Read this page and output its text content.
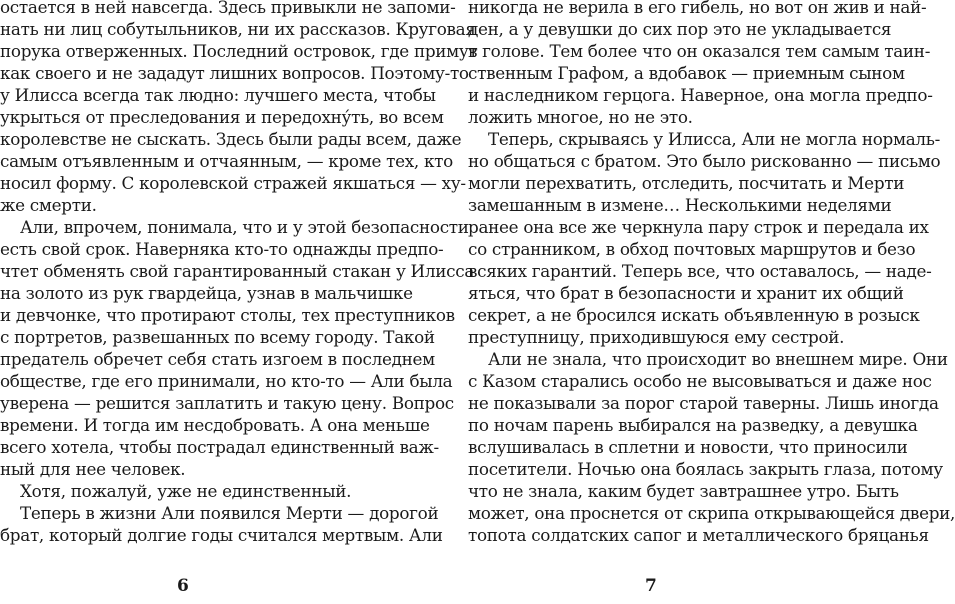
остается в ней навсегда. Здесь привыкли не запоми-
нать ни лиц собутыльников, ни их рассказов. Круговая
порука отверженных. Последний островок, где примут
как своего и не зададут лишних вопросов. Поэтому-то
у Илисса всегда так людно: лучшего места, чтобы
укрыться от преследования и передохну́ть, во всем
королевстве не сыскать. Здесь были рады всем, даже
самым отъявленным и отчаянным, — кроме тех, кто
носил форму. С королевской стражей якшаться — ху-
же смерти.
Али, впрочем, понимала, что и у этой безопасности
есть свой срок. Наверняка кто-то однажды предпо-
чтет обменять свой гарантированный стакан у Илисса
на золото из рук гвардейца, узнав в мальчишке
и девчонке, что протирают столы, тех преступников
с портретов, развешанных по всему городу. Такой
предатель обречет себя стать изгоем в последнем
обществе, где его принимали, но кто-то — Али была
уверена — решится заплатить и такую цену. Вопрос
времени. И тогда им несдобровать. А она меньше
всего хотела, чтобы пострадал единственный важ-
ный для нее человек.
Хотя, пожалуй, уже не единственный.
Теперь в жизни Али появился Мерти — дорогой
брат, который долгие годы считался мертвым. Али
6
никогда не верила в его гибель, но вот он жив и най-
ден, а у девушки до сих пор это не укладывается
в голове. Тем более что он оказался тем самым таин-
ственным Графом, а вдобавок — приемным сыном
и наследником герцога. Наверное, она могла предпо-
ложить многое, но не это.
Теперь, скрываясь у Илисса, Али не могла нормаль-
но общаться с братом. Это было рискованно — письмо
могли перехватить, отследить, посчитать и Мерти
замешанным в измене… Несколькими неделями
ранее она все же черкнула пару строк и передала их
со странником, в обход почтовых маршрутов и безо
всяких гарантий. Теперь все, что оставалось, — наде-
яться, что брат в безопасности и хранит их общий
секрет, а не бросился искать объявленную в розыск
преступницу, приходившуюся ему сестрой.
Али не знала, что происходит во внешнем мире. Они
с Казом старались особо не высовываться и даже нос
не показывали за порог старой таверны. Лишь иногда
по ночам парень выбирался на разведку, а девушка
вслушивалась в сплетни и новости, что приносили
посетители. Ночью она боялась закрыть глаза, потому
что не знала, каким будет завтрашнее утро. Быть
может, она проснется от скрипа открывающейся двери,
топота солдатских сапог и металлического бряцанья
7
